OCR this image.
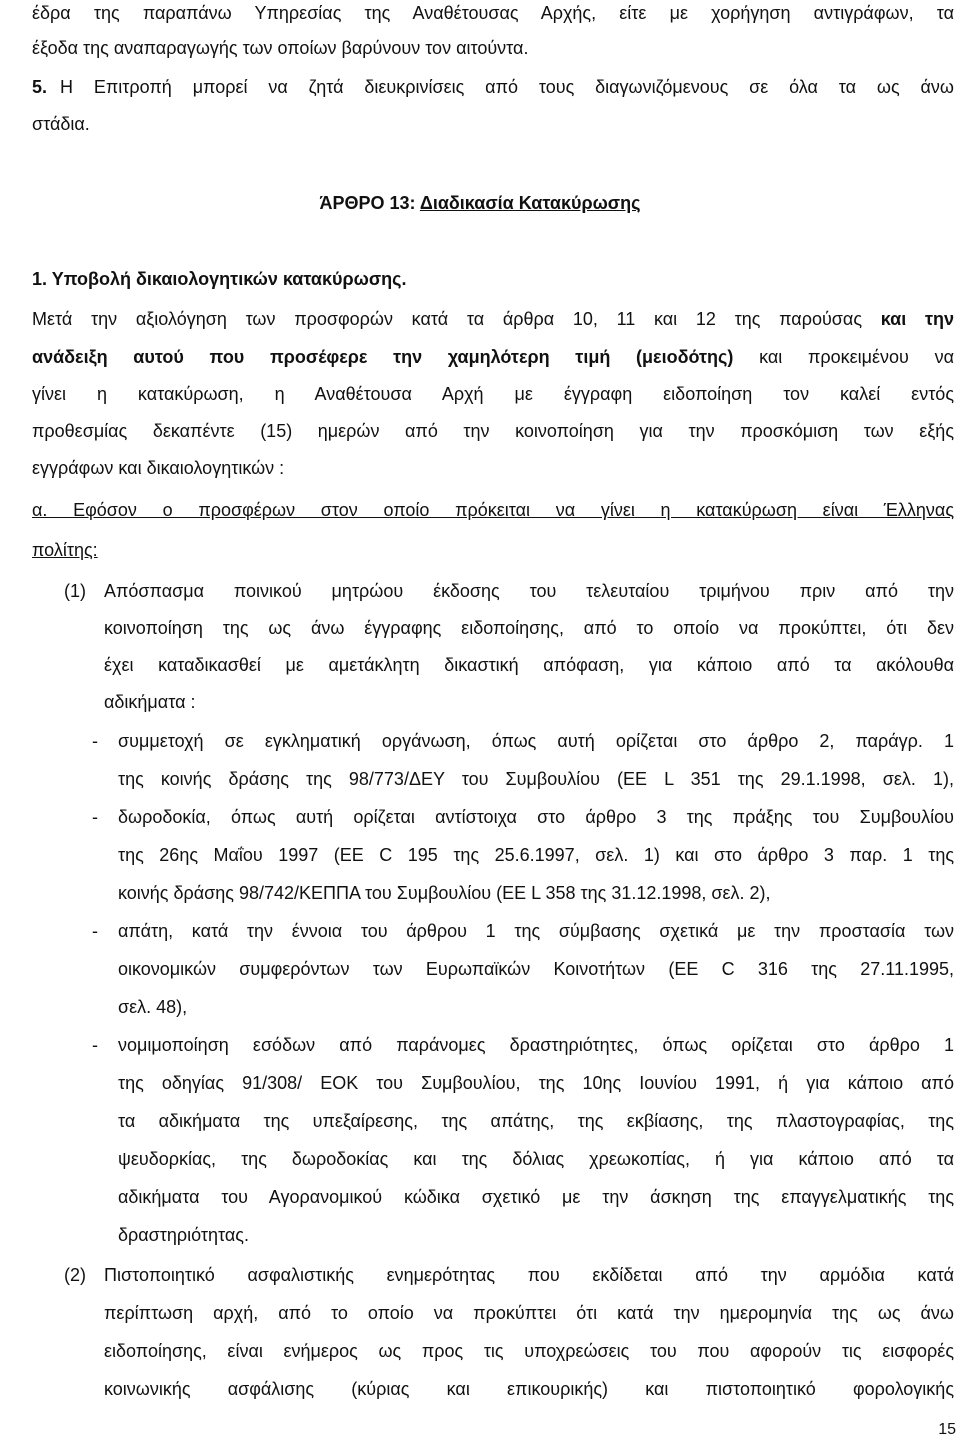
έδρα της παραπάνω Υπηρεσίας της Αναθέτουσας Αρχής, είτε με χορήγηση αντιγράφων, τα
έξοδα της αναπαραγωγής των οποίων βαρύνουν τον αιτούντα.
5. Η Επιτροπή μπορεί να ζητά διευκρινίσεις από τους διαγωνιζόμενους σε όλα τα ως άνω
στάδια.
ΆΡΘΡΟ 13: Διαδικασία Κατακύρωσης
1. Υποβολή δικαιολογητικών κατακύρωσης.
Μετά την αξιολόγηση των προσφορών κατά τα άρθρα 10, 11 και 12 της παρούσας και την
ανάδειξη αυτού που προσέφερε την χαμηλότερη τιμή (μειοδότης) και προκειμένου να
γίνει η κατακύρωση, η Αναθέτουσα Αρχή με έγγραφη ειδοποίηση τον καλεί εντός
προθεσμίας δεκαπέντε (15) ημερών από την κοινοποίηση για την προσκόμιση των εξής
εγγράφων και δικαιολογητικών :
α. Εφόσον ο προσφέρων στον οποίο πρόκειται να γίνει η κατακύρωση είναι Έλληνας
πολίτης:
(1) Απόσπασμα ποινικού μητρώου έκδοσης του τελευταίου τριμήνου πριν από την
κοινοποίηση της ως άνω έγγραφης ειδοποίησης, από το οποίο να προκύπτει, ότι δεν
έχει καταδικασθεί με αμετάκλητη δικαστική απόφαση, για κάποιο από τα ακόλουθα
αδικήματα :
- συμμετοχή σε εγκληματική οργάνωση, όπως αυτή ορίζεται στο άρθρο 2, παράγρ. 1
της κοινής δράσης της 98/773/ΔΕΥ του Συμβουλίου (ΕΕ L 351 της 29.1.1998, σελ. 1),
- δωροδοκία, όπως αυτή ορίζεται αντίστοιχα στο άρθρο 3 της πράξης του Συμβουλίου
της 26ης Μαΐου 1997 (ΕΕ C 195 της 25.6.1997, σελ. 1) και στο άρθρο 3 παρ. 1 της
κοινής δράσης 98/742/ΚΕΠΠΑ του Συμβουλίου (ΕΕ L 358 της 31.12.1998, σελ. 2),
- απάτη, κατά την έννοια του άρθρου 1 της σύμβασης σχετικά με την προστασία των
οικονομικών συμφερόντων των Ευρωπαϊκών Κοινοτήτων (ΕΕ C 316 της 27.11.1995,
σελ. 48),
- νομιμοποίηση εσόδων από παράνομες δραστηριότητες, όπως ορίζεται στο άρθρο 1
της οδηγίας 91/308/ ΕΟΚ του Συμβουλίου, της 10ης Ιουνίου 1991, ή για κάποιο από
τα αδικήματα της υπεξαίρεσης, της απάτης, της εκβίασης, της πλαστογραφίας, της
ψευδορκίας, της δωροδοκίας και της δόλιας χρεωκοπίας, ή για κάποιο από τα
αδικήματα του Αγορανομικού κώδικα σχετικό με την άσκηση της επαγγελματικής της
δραστηριότητας.
(2) Πιστοποιητικό ασφαλιστικής ενημερότητας που εκδίδεται από την αρμόδια κατά
περίπτωση αρχή, από το οποίο να προκύπτει ότι κατά την ημερομηνία της ως άνω
ειδοποίησης, είναι ενήμερος ως προς τις υποχρεώσεις του που αφορούν τις εισφορές
κοινωνικής ασφάλισης (κύριας και επικουρικής) και πιστοποιητικό φορολογικής
15
